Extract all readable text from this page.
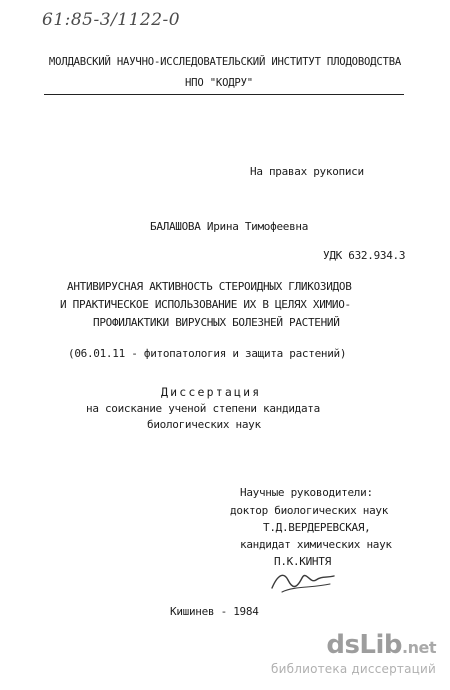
61:85-3/1122-0
МОЛДАВСКИЙ НАУЧНО-ИССЛЕДОВАТЕЛЬСКИЙ ИНСТИТУТ ПЛОДОВОДСТВА
НПО "КОДРУ"
На правах рукописи
БАЛАШОВА Ирина Тимофеевна
УДК 632.934.3
АНТИВИРУСНАЯ АКТИВНОСТЬ СТЕРОИДНЫХ ГЛИКОЗИДОВ
И ПРАКТИЧЕСКОЕ ИСПОЛЬЗОВАНИЕ ИХ В ЦЕЛЯХ ХИМИО-
ПРОФИЛАКТИКИ ВИРУСНЫХ БОЛЕЗНЕЙ РАСТЕНИЙ
(06.01.11 - фитопатология и защита растений)
Диссертация
на соискание ученой степени кандидата
биологических наук
Научные руководители:
доктор биологических наук
Т.Д.ВЕРДЕРЕВСКАЯ,
кандидат химических наук
П.К.КИНТЯ
Кишинев - 1984
dsLib.net
библиотека диссертаций
